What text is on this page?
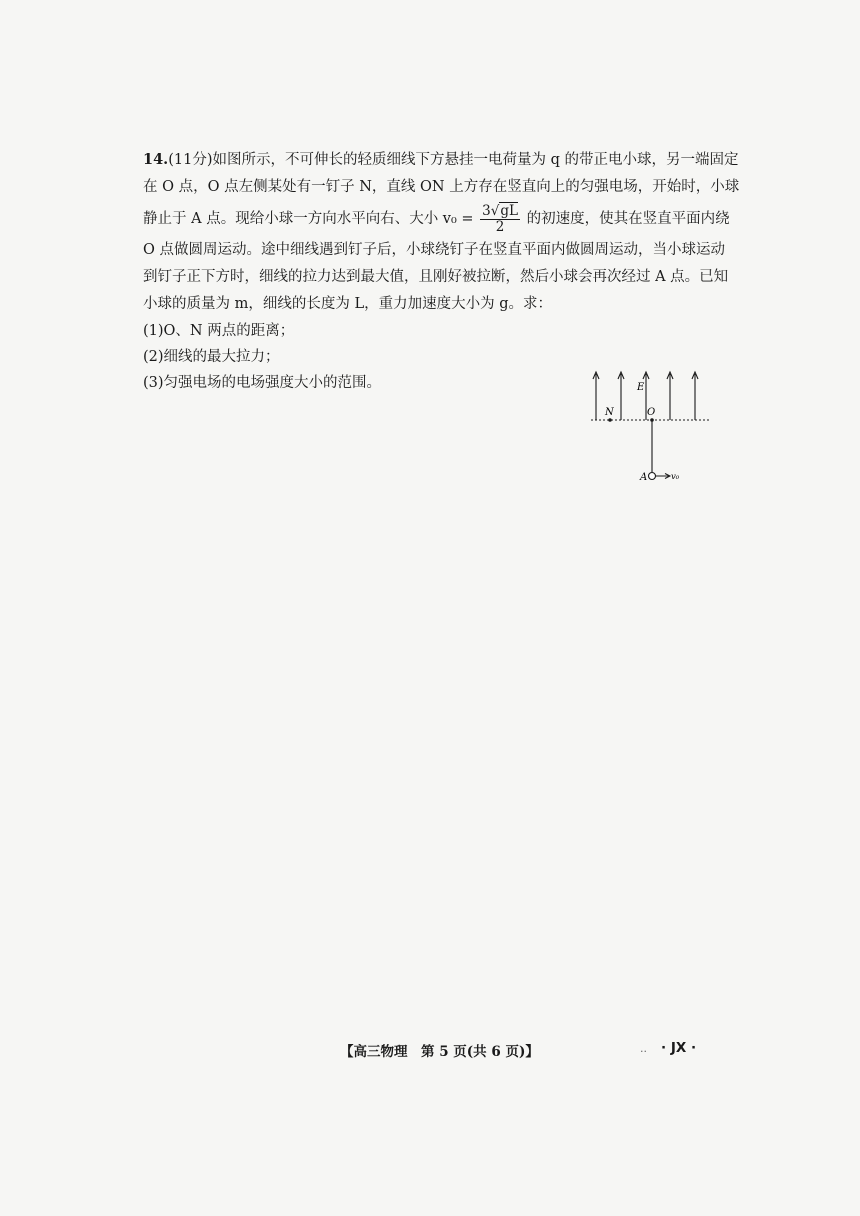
14.(11分)如图所示，不可伸长的轻质细线下方悬挂一电荷量为 q 的带正电小球，另一端固定
在 O 点，O 点左侧某处有一钉子 N，直线 ON 上方存在竖直向上的匀强电场，开始时，小球
静止于 A 点。现给小球一方向水平向右、大小 $v_0 = \frac{3√gL}{2}$ 的初速度，使其在竖直平面内绕
O 点做圆周运动。途中细线遇到钉子后，小球绕钉子在竖直平面内做圆周运动，当小球运动
到钉子正下方时，细线的拉力达到最大值，且刚好被拉断，然后小球会再次经过 A 点。已知
小球的质量为 m，细线的长度为 L，重力加速度大小为 g。求：
(1)O、N 两点的距离；
(2)细线的最大拉力；
(3)匀强电场的电场强度大小的范围。
N	O
E
A	v₀
【高三物理　第 5 页(共 6 页)】	.. · JX ·
